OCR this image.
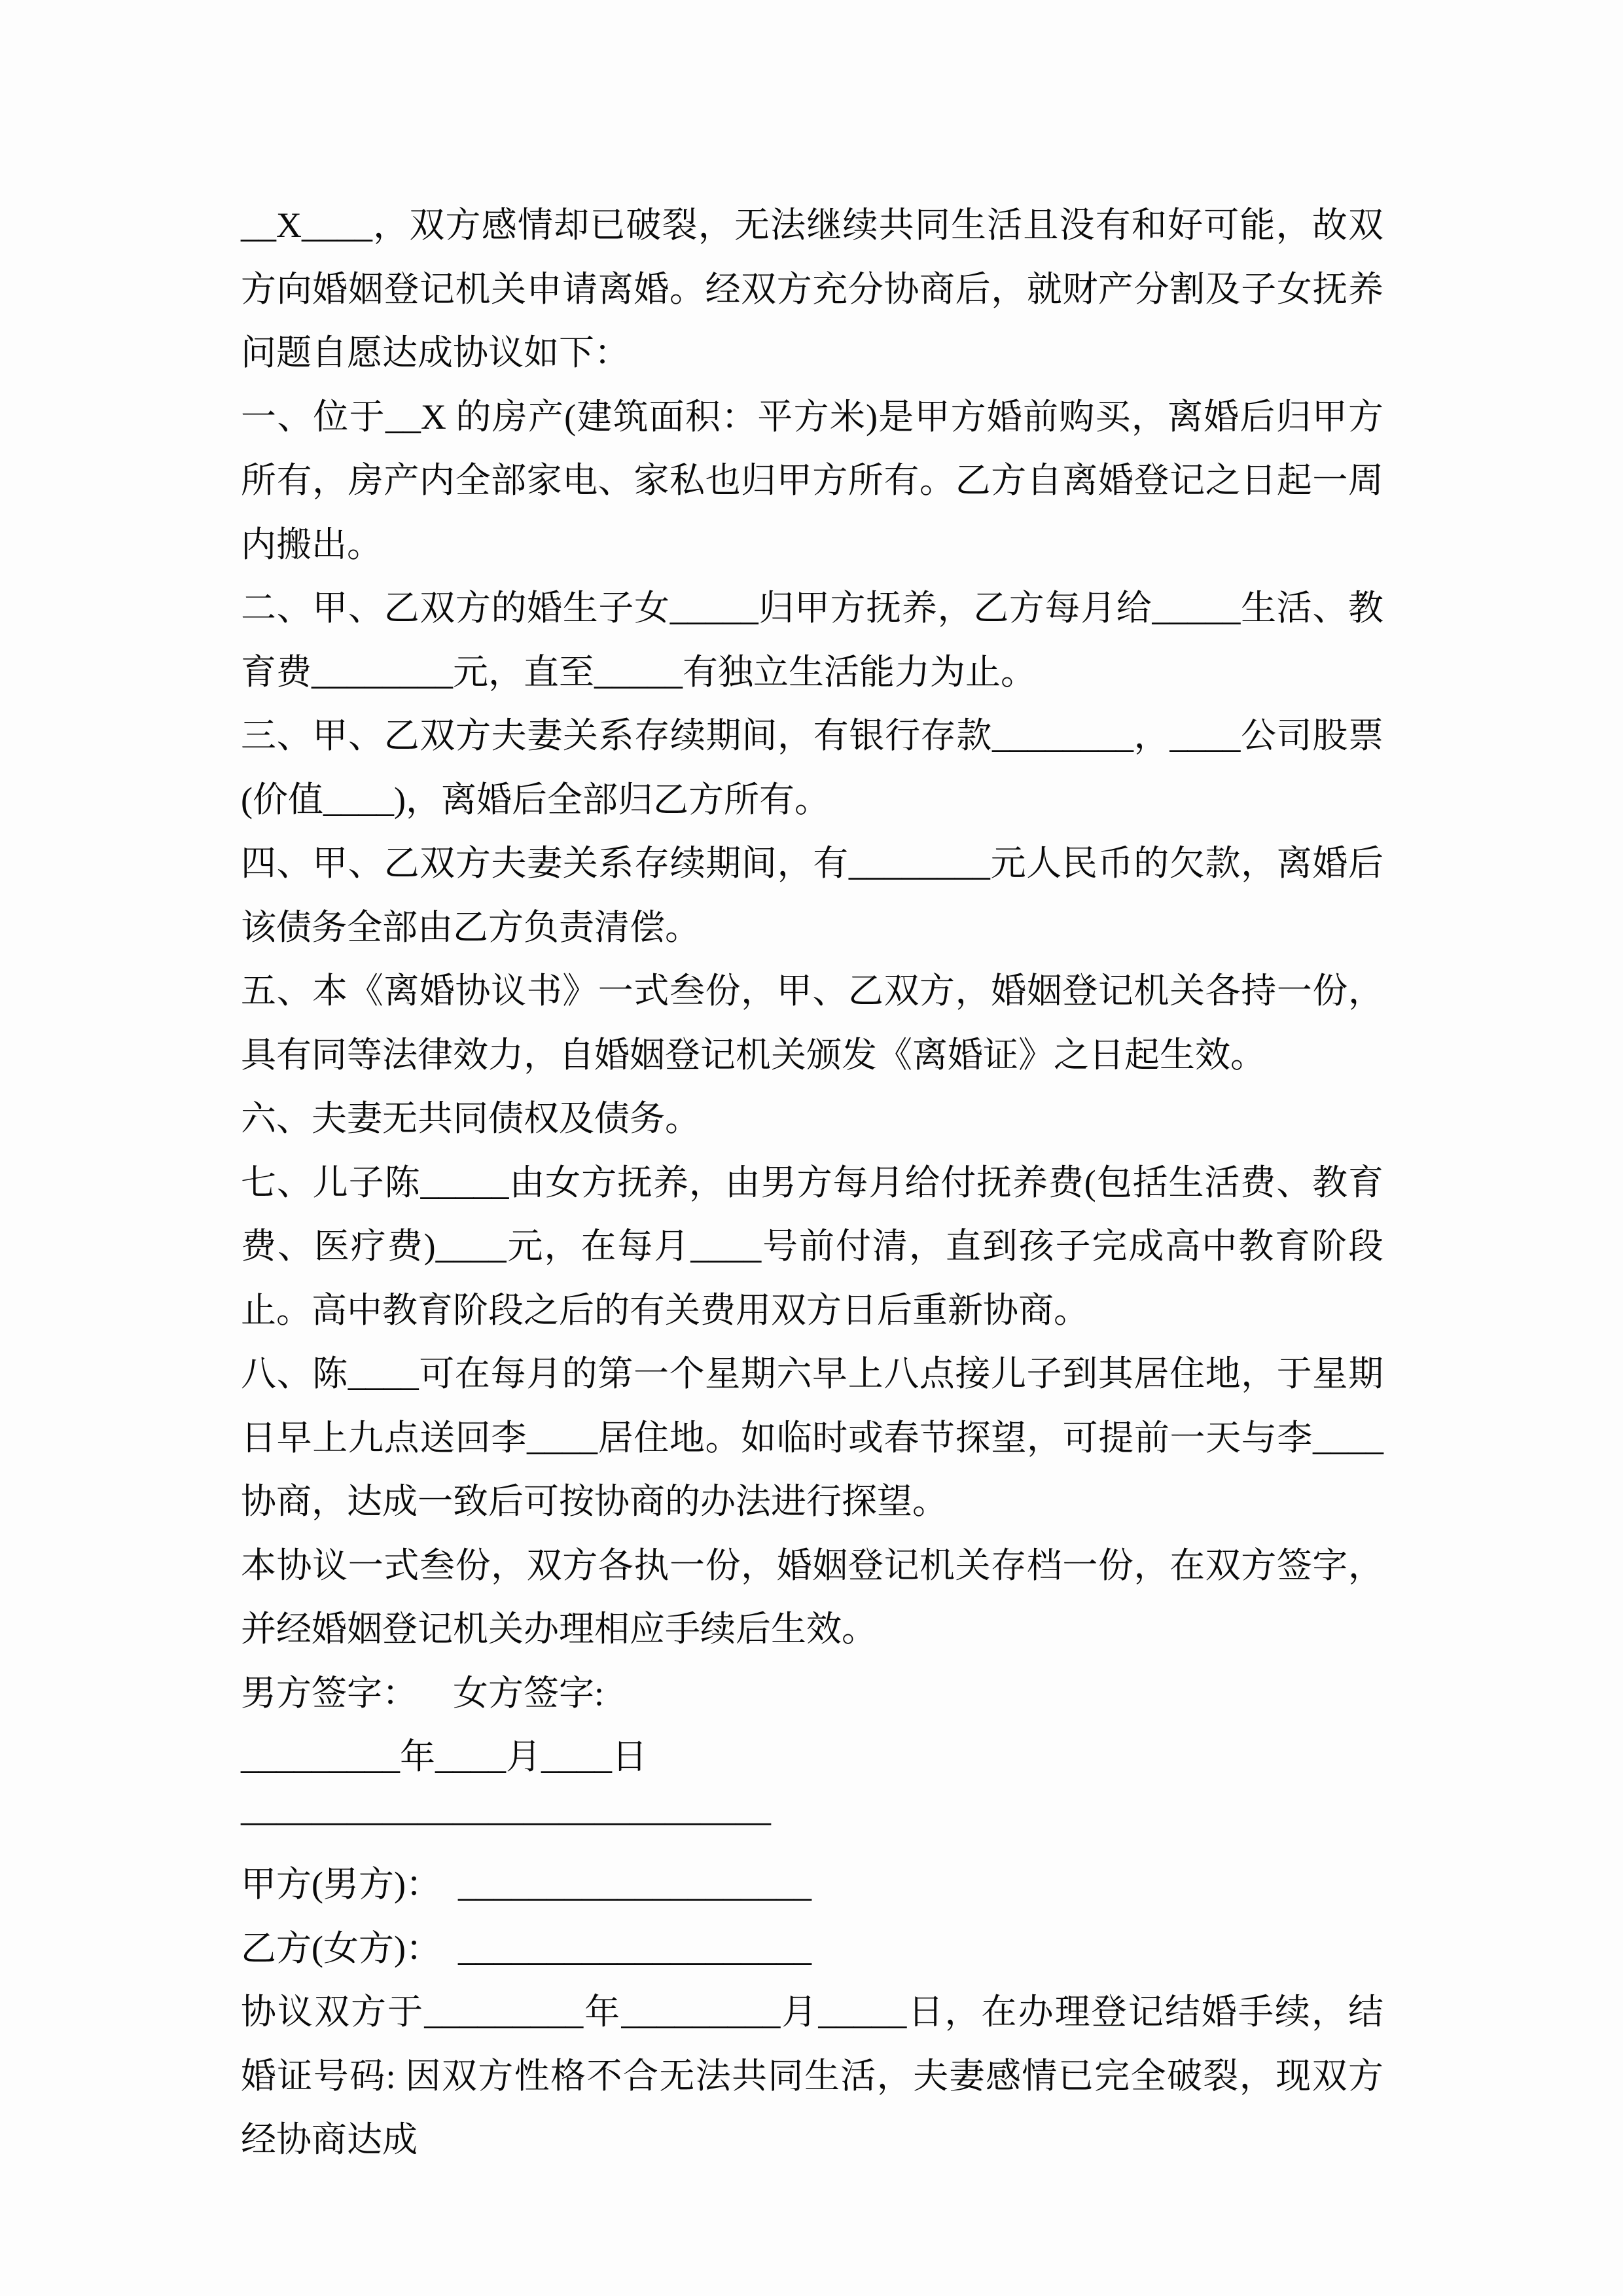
__X____，双方感情却已破裂，无法继续共同生活且没有和好可能，故双方向婚姻登记机关申请离婚。经双方充分协商后，就财产分割及子女抚养问题自愿达成协议如下：

一、位于__X 的房产(建筑面积：平方米)是甲方婚前购买，离婚后归甲方所有，房产内全部家电、家私也归甲方所有。乙方自离婚登记之日起一周内搬出。

二、甲、乙双方的婚生子女_____归甲方抚养，乙方每月给_____生活、教育费________元，直至_____有独立生活能力为止。

三、甲、乙双方夫妻关系存续期间，有银行存款________，____公司股票(价值____)，离婚后全部归乙方所有。

四、甲、乙双方夫妻关系存续期间，有________元人民币的欠款，离婚后该债务全部由乙方负责清偿。

五、本《离婚协议书》一式叁份，甲、乙双方，婚姻登记机关各持一份，具有同等法律效力，自婚姻登记机关颁发《离婚证》之日起生效。

六、夫妻无共同债权及债务。

七、儿子陈_____由女方抚养，由男方每月给付抚养费(包括生活费、教育费、医疗费)____元，在每月____号前付清，直到孩子完成高中教育阶段止。高中教育阶段之后的有关费用双方日后重新协商。

八、陈____可在每月的第一个星期六早上八点接儿子到其居住地，于星期日早上九点送回李____居住地。如临时或春节探望，可提前一天与李____协商，达成一致后可按协商的办法进行探望。

本协议一式叁份，双方各执一份，婚姻登记机关存档一份，在双方签字，并经婚姻登记机关办理相应手续后生效。

男方签字： 女方签字:

_________年____月____日

———————————————

甲方(男方)： ____________________

乙方(女方)： ____________________

协议双方于_________年_________月_____日，在办理登记结婚手续，结婚证号码: 因双方性格不合无法共同生活，夫妻感情已完全破裂，现双方经协商达成
